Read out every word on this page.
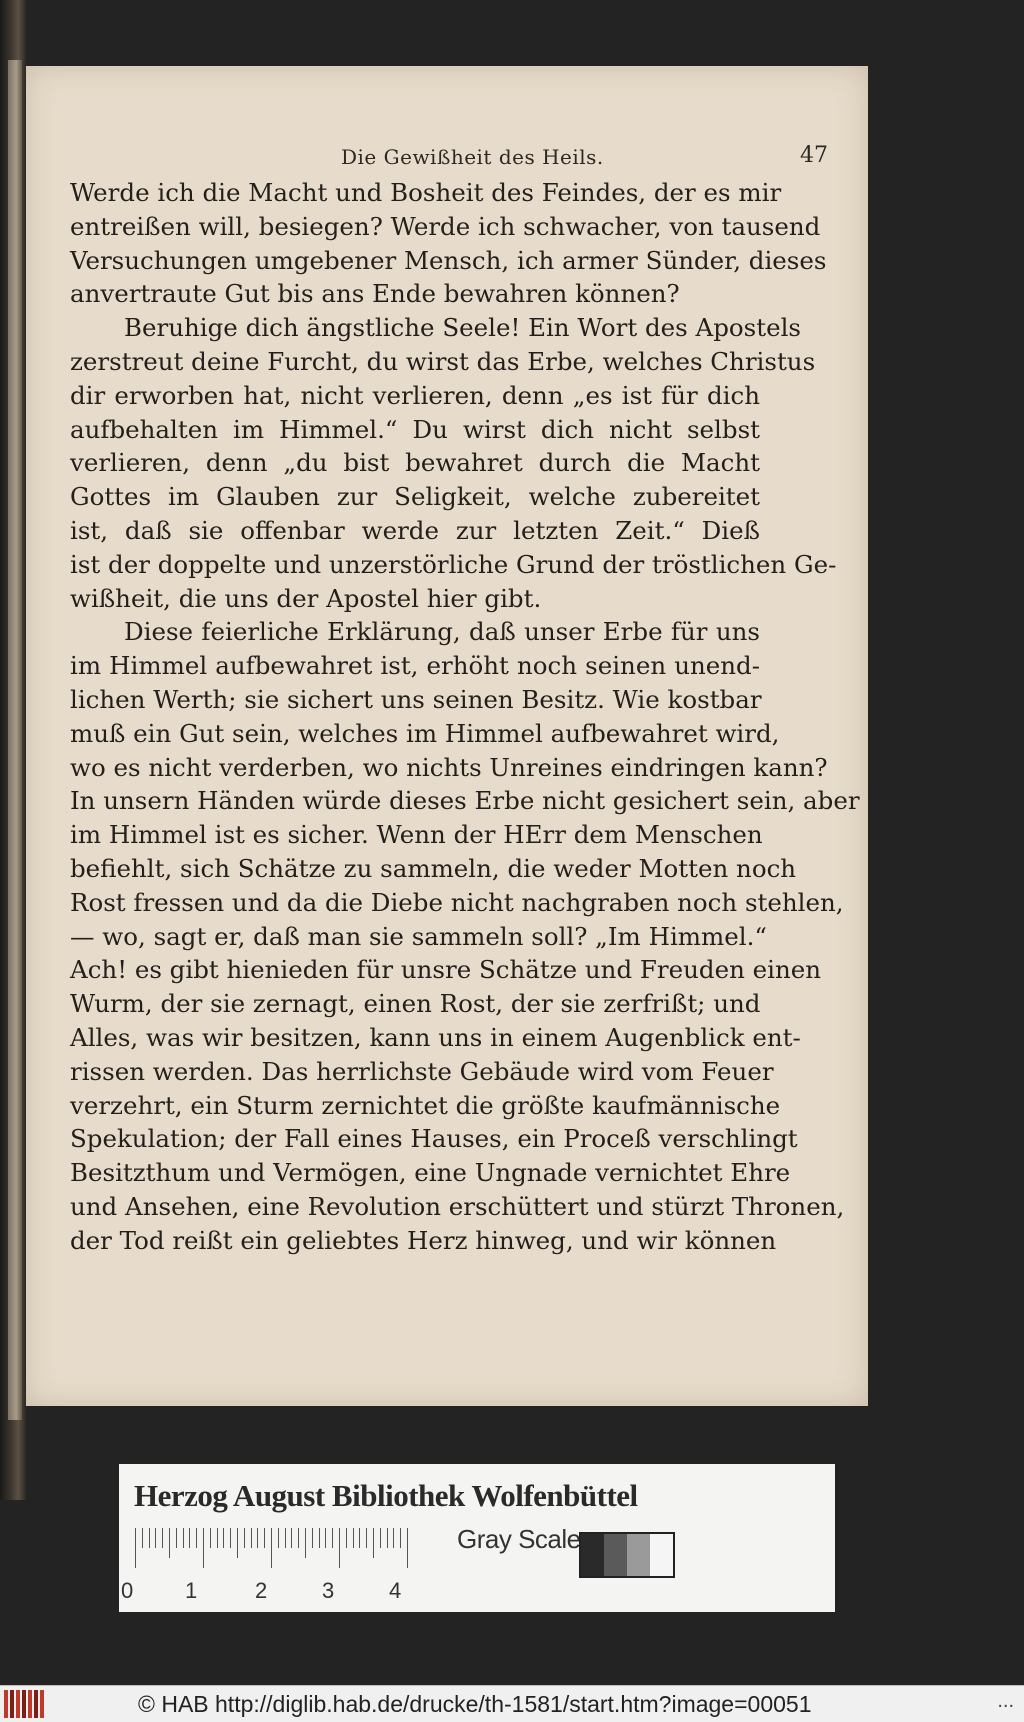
Die Gewißheit des Heils.	47
Werde ich die Macht und Bosheit des Feindes, der es mir
entreißen will, besiegen? Werde ich schwacher, von tausend
Versuchungen umgebener Mensch, ich armer Sünder, dieses
anvertraute Gut bis ans Ende bewahren können?
Beruhige dich ängstliche Seele! Ein Wort des Apostels
zerstreut deine Furcht, du wirst das Erbe, welches Christus
dir erworben hat, nicht verlieren, denn „es ist für dich
aufbehalten im Himmel.“ Du wirst dich nicht selbst
verlieren, denn „du bist bewahret durch die Macht
Gottes im Glauben zur Seligkeit, welche zubereitet
ist, daß sie offenbar werde zur letzten Zeit.“ Dieß
ist der doppelte und unzerstörliche Grund der tröstlichen Ge-
wißheit, die uns der Apostel hier gibt.
Diese feierliche Erklärung, daß unser Erbe für uns
im Himmel aufbewahret ist, erhöht noch seinen unend-
lichen Werth; sie sichert uns seinen Besitz. Wie kostbar
muß ein Gut sein, welches im Himmel aufbewahret wird,
wo es nicht verderben, wo nichts Unreines eindringen kann?
In unsern Händen würde dieses Erbe nicht gesichert sein, aber
im Himmel ist es sicher. Wenn der HErr dem Menschen
befiehlt, sich Schätze zu sammeln, die weder Motten noch
Rost fressen und da die Diebe nicht nachgraben noch stehlen,
— wo, sagt er, daß man sie sammeln soll? „Im Himmel.“
Ach! es gibt hienieden für unsre Schätze und Freuden einen
Wurm, der sie zernagt, einen Rost, der sie zerfrißt; und
Alles, was wir besitzen, kann uns in einem Augenblick ent-
rissen werden. Das herrlichste Gebäude wird vom Feuer
verzehrt, ein Sturm zernichtet die größte kaufmännische
Spekulation; der Fall eines Hauses, ein Proceß verschlingt
Besitzthum und Vermögen, eine Ungnade vernichtet Ehre
und Ansehen, eine Revolution erschüttert und stürzt Thronen,
der Tod reißt ein geliebtes Herz hinweg, und wir können
Herzog August Bibliothek Wolfenbüttel
0 1	2 3 4
Gray Scale
© HAB http://diglib.hab.de/drucke/th-1581/start.htm?image=00051	...
